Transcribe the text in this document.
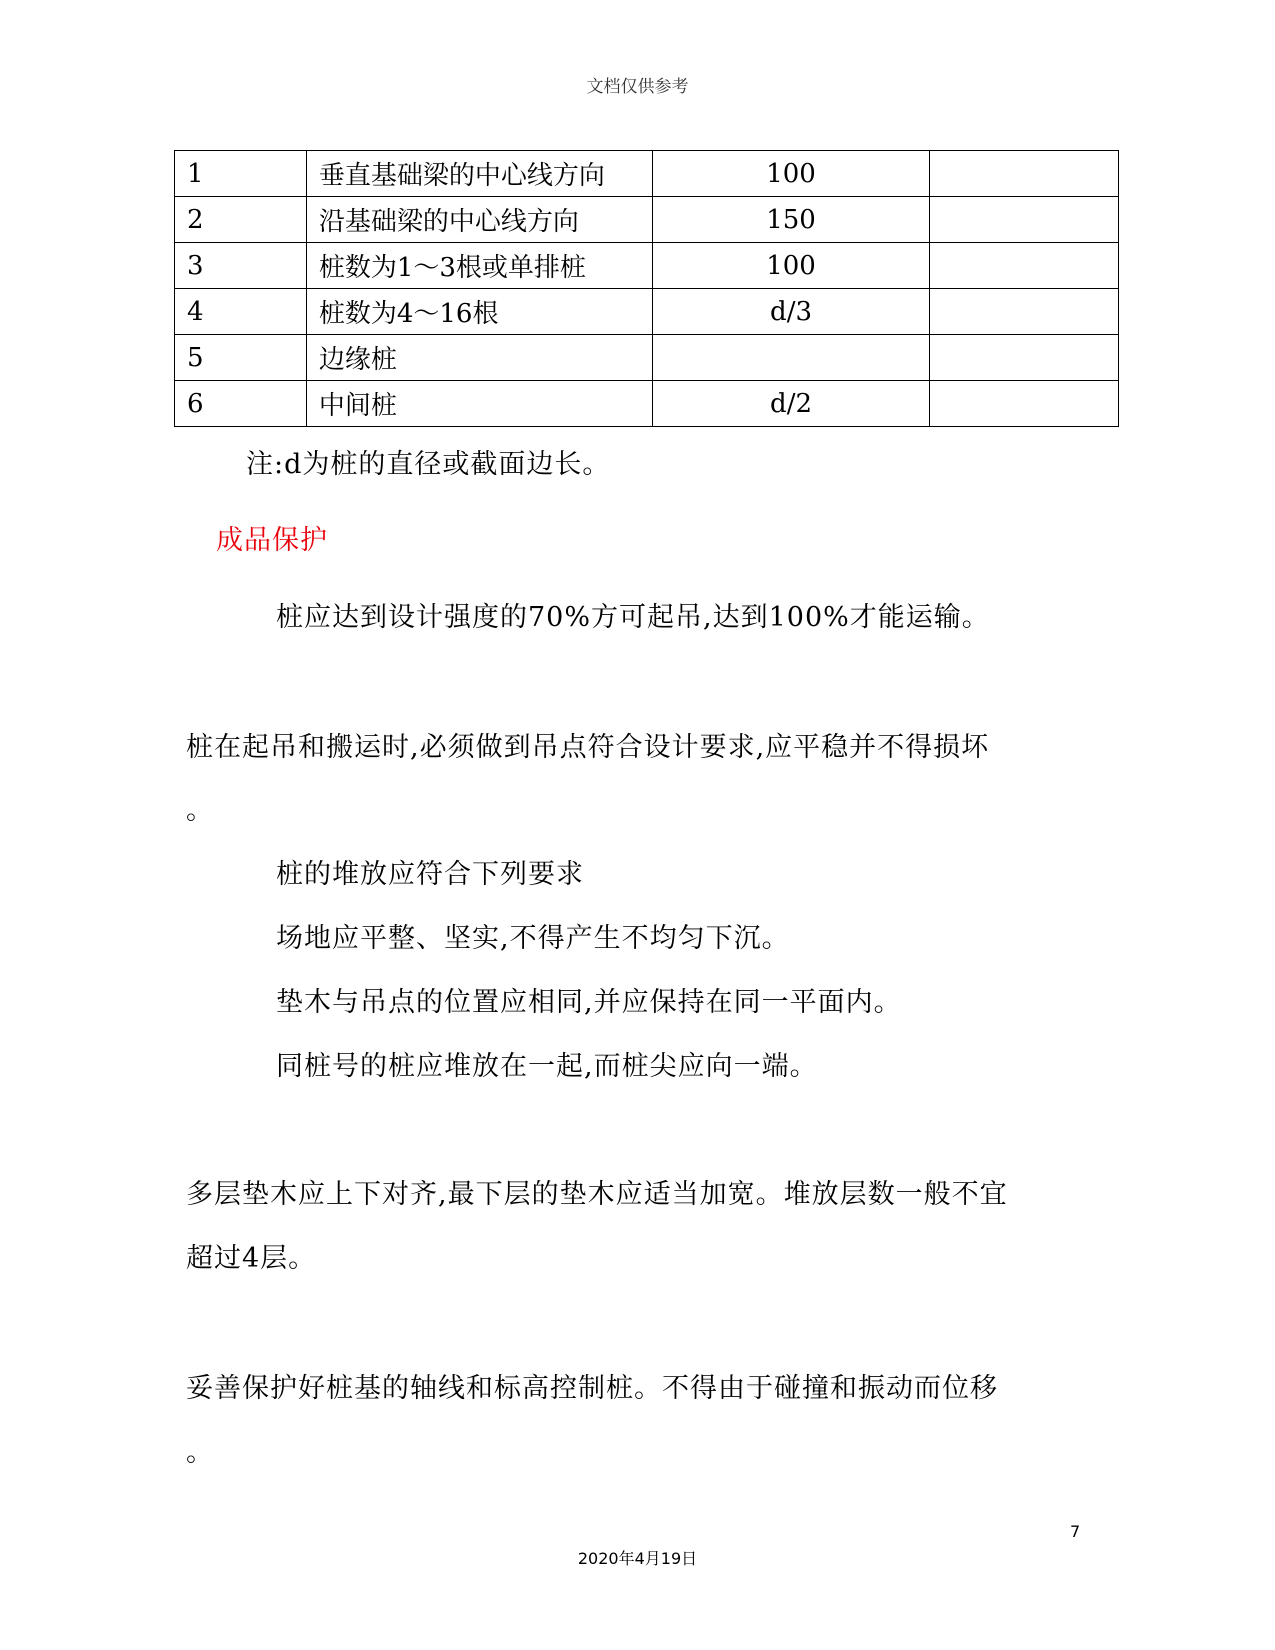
文档仅供参考
1	垂直基础梁的中心线方向	100	
2	沿基础梁的中心线方向	150	
3	桩数为1～3根或单排桩	100	
4	桩数为4～16根	d/3	
5	边缘桩		
6	中间桩	d/2	
注:d为桩的直径或截面边长。
成品保护
桩应达到设计强度的70%方可起吊,达到100%才能运输。
桩在起吊和搬运时,必须做到吊点符合设计要求,应平稳并不得损坏
。
桩的堆放应符合下列要求
场地应平整、坚实,不得产生不均匀下沉。
垫木与吊点的位置应相同,并应保持在同一平面内。
同桩号的桩应堆放在一起,而桩尖应向一端。
多层垫木应上下对齐,最下层的垫木应适当加宽。堆放层数一般不宜
超过4层。
妥善保护好桩基的轴线和标高控制桩。不得由于碰撞和振动而位移
。
7
2020年4月19日
